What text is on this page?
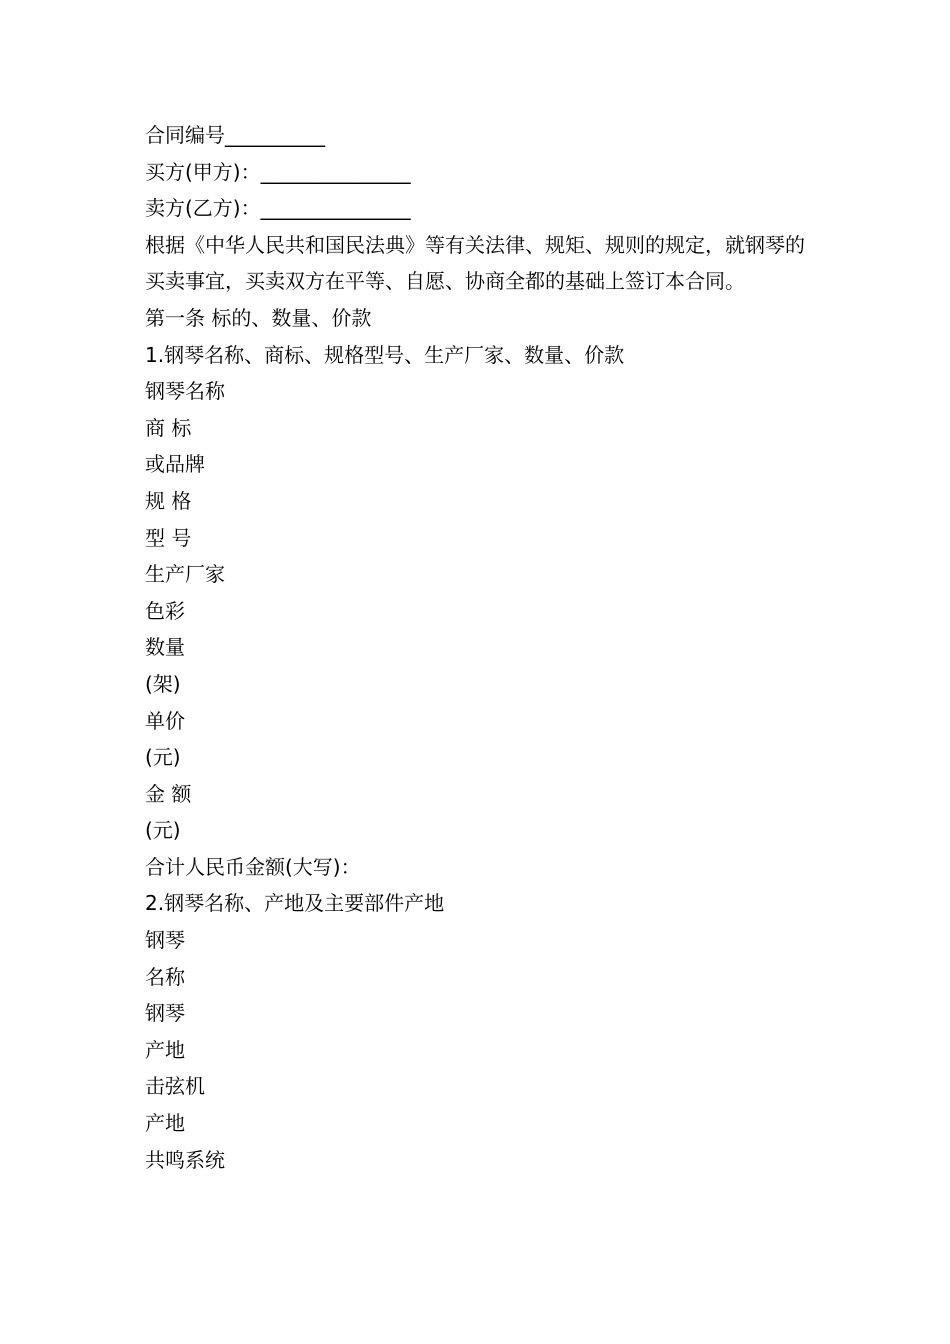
合同编号__________
买方(甲方)：_______________
卖方(乙方)：_______________
根据《中华人民共和国民法典》等有关法律、规矩、规则的规定，就钢琴的买卖事宜，买卖双方在平等、自愿、协商全都的基础上签订本合同。
第一条 标的、数量、价款
1.钢琴名称、商标、规格型号、生产厂家、数量、价款
钢琴名称
商 标
或品牌
规 格
型 号
生产厂家
色彩
数量
(架)
单价
(元)
金 额
(元)
合计人民币金额(大写)：
2.钢琴名称、产地及主要部件产地
钢琴
名称
钢琴
产地
击弦机
产地
共鸣系统
